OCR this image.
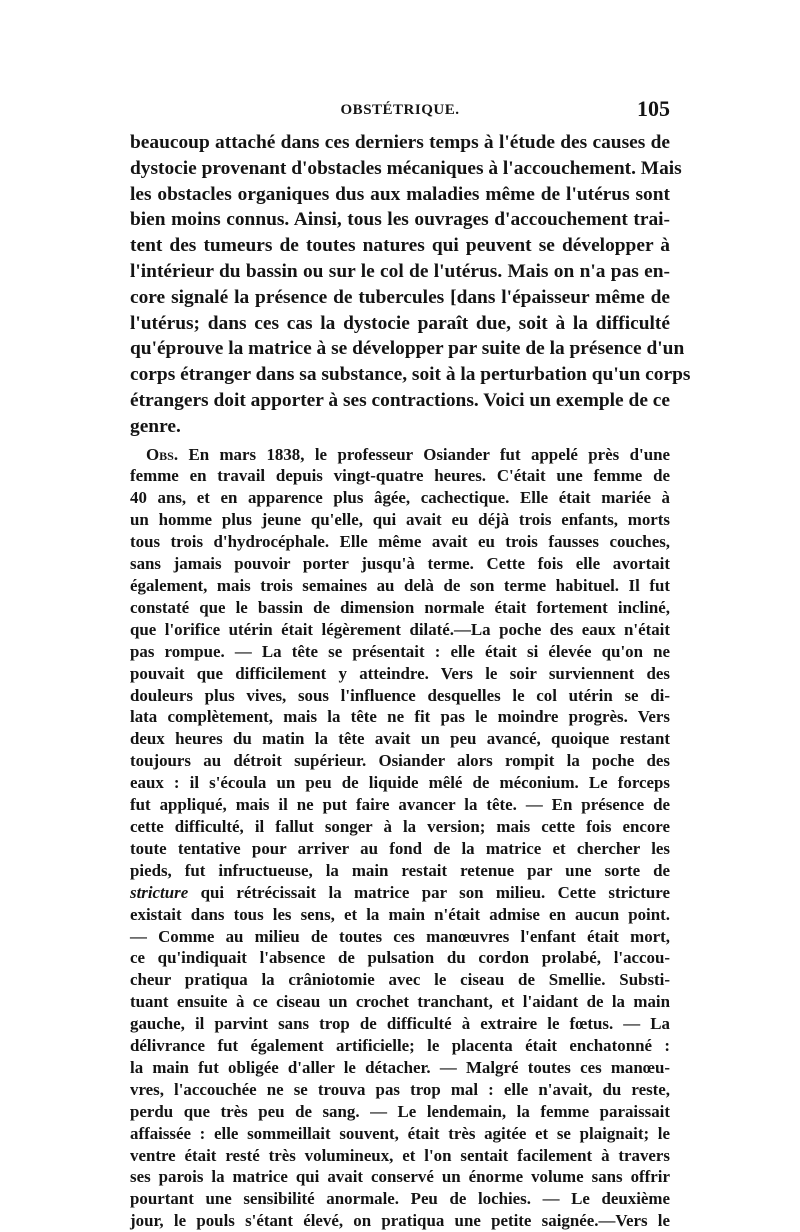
OBSTÉTRIQUE.	105
beaucoup attaché dans ces derniers temps à l'étude des causes de
dystocie provenant d'obstacles mécaniques à l'accouchement. Mais
les obstacles organiques dus aux maladies même de l'utérus sont
bien moins connus. Ainsi, tous les ouvrages d'accouchement trai-
tent des tumeurs de toutes natures qui peuvent se développer à
l'intérieur du bassin ou sur le col de l'utérus. Mais on n'a pas en-
core signalé la présence de tubercules [dans l'épaisseur même de
l'utérus; dans ces cas la dystocie paraît due, soit à la difficulté
qu'éprouve la matrice à se développer par suite de la présence d'un
corps étranger dans sa substance, soit à la perturbation qu'un corps
étrangers doit apporter à ses contractions. Voici un exemple de ce
genre.
Obs. En mars 1838, le professeur Osiander fut appelé près d'une
femme en travail depuis vingt-quatre heures. C'était une femme de
40 ans, et en apparence plus âgée, cachectique. Elle était mariée à
un homme plus jeune qu'elle, qui avait eu déjà trois enfants, morts
tous trois d'hydrocéphale. Elle même avait eu trois fausses couches,
sans jamais pouvoir porter jusqu'à terme. Cette fois elle avortait
également, mais trois semaines au delà de son terme habituel. Il fut
constaté que le bassin de dimension normale était fortement incliné,
que l'orifice utérin était légèrement dilaté.—La poche des eaux n'était
pas rompue. — La tête se présentait : elle était si élevée qu'on ne
pouvait que difficilement y atteindre. Vers le soir surviennent des
douleurs plus vives, sous l'influence desquelles le col utérin se di-
lata complètement, mais la tête ne fit pas le moindre progrès. Vers
deux heures du matin la tête avait un peu avancé, quoique restant
toujours au détroit supérieur. Osiander alors rompit la poche des
eaux : il s'écoula un peu de liquide mêlé de méconium. Le forceps
fut appliqué, mais il ne put faire avancer la tête. — En présence de
cette difficulté, il fallut songer à la version; mais cette fois encore
toute tentative pour arriver au fond de la matrice et chercher les
pieds, fut infructueuse, la main restait retenue par une sorte de
stricture qui rétrécissait la matrice par son milieu. Cette stricture
existait dans tous les sens, et la main n'était admise en aucun point.
— Comme au milieu de toutes ces manœuvres l'enfant était mort,
ce qu'indiquait l'absence de pulsation du cordon prolabé, l'accou-
cheur pratiqua la crâniotomie avec le ciseau de Smellie. Substi-
tuant ensuite à ce ciseau un crochet tranchant, et l'aidant de la main
gauche, il parvint sans trop de difficulté à extraire le fœtus. — La
délivrance fut également artificielle; le placenta était enchatonné :
la main fut obligée d'aller le détacher. — Malgré toutes ces manœu-
vres, l'accouchée ne se trouva pas trop mal : elle n'avait, du reste,
perdu que très peu de sang. — Le lendemain, la femme paraissait
affaissée : elle sommeillait souvent, était très agitée et se plaignait; le
ventre était resté très volumineux, et l'on sentait facilement à travers
ses parois la matrice qui avait conservé un énorme volume sans offrir
pourtant une sensibilité anormale. Peu de lochies. — Le deuxième
jour, le pouls s'étant élevé, on pratiqua une petite saignée.—Vers le
